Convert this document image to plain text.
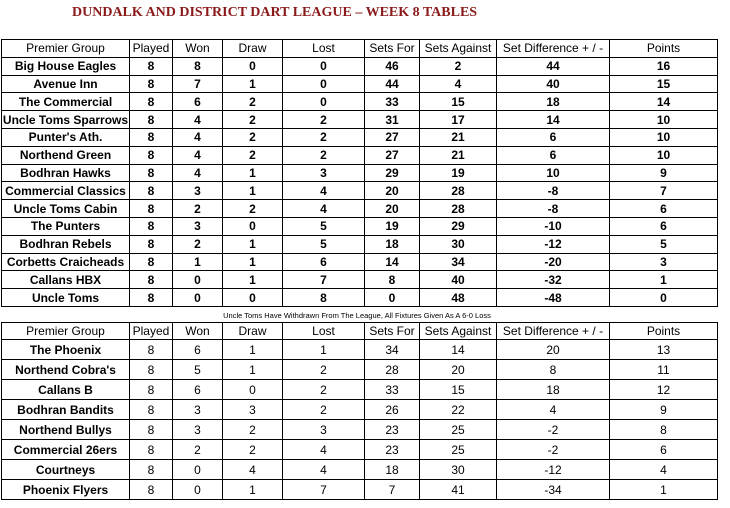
DUNDALK AND DISTRICT DART LEAGUE – WEEK 8 TABLES
Premier Group	Played	Won	Draw	Lost	Sets For	Sets Against	Set Difference + / -	Points
Big House Eagles	8	8	0	0	46	2	44	16
Avenue Inn	8	7	1	0	44	4	40	15
The Commercial	8	6	2	0	33	15	18	14
Uncle Toms Sparrows	8	4	2	2	31	17	14	10
Punter's Ath.	8	4	2	2	27	21	6	10
Northend Green	8	4	2	2	27	21	6	10
Bodhran Hawks	8	4	1	3	29	19	10	9
Commercial Classics	8	3	1	4	20	28	-8	7
Uncle Toms Cabin	8	2	2	4	20	28	-8	6
The Punters	8	3	0	5	19	29	-10	6
Bodhran Rebels	8	2	1	5	18	30	-12	5
Corbetts Craicheads	8	1	1	6	14	34	-20	3
Callans HBX	8	0	1	7	8	40	-32	1
Uncle Toms	8	0	0	8	0	48	-48	0
Uncle Toms Have Withdrawn From The League, All Fixtures Given As A 6-0 Loss
Premier Group	Played	Won	Draw	Lost	Sets For	Sets Against	Set Difference + / -	Points
The Phoenix	8	6	1	1	34	14	20	13
Northend Cobra's	8	5	1	2	28	20	8	11
Callans B	8	6	0	2	33	15	18	12
Bodhran Bandits	8	3	3	2	26	22	4	9
Northend Bullys	8	3	2	3	23	25	-2	8
Commercial 26ers	8	2	2	4	23	25	-2	6
Courtneys	8	0	4	4	18	30	-12	4
Phoenix Flyers	8	0	1	7	7	41	-34	1
